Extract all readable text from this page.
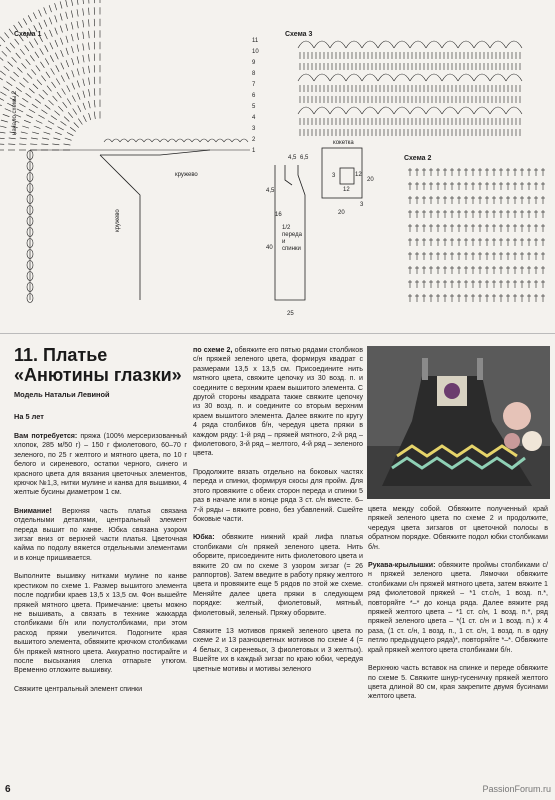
Схема 1
начало схемы 2
11
10
9
8
7
6
5
4
3
2
1
кружево
кружево
Схема 3
Схема 2
кокетка
1/2 переда и спинки
4,5 6,5
4,5
16
40
25
20
12
12
20
3
3
11. Платье «Анютины глазки»
Модель Натальи Левиной
На 5 лет

Вам потребуется: пряжа (100% мерсеризованный хлопок, 285 м/50 г) – 150 г фиолетового, 60–70 г зеленого, по 25 г желтого и мятного цвета, по 10 г белого и сиреневого, остатки черного, синего и красного цвета для вязания цветочных элементов, крючок №1,3, нитки мулине и канва для вышивки, 4 желтые бусины диаметром 1 см.

Внимание! Верхняя часть платья связана отдельными деталями, центральный элемент переда вышит по канве. Юбка связана узором зигзаг вниз от верхней части платья. Цветочная кайма по подолу вяжется отдельными элементами и в конце пришивается.

Выполните вышивку нитками мулине по канве крестиком по схеме 1. Размер вышитого элемента после подгибки краев 13,5 х 13,5 см. Фон вышейте пряжей мятного цвета. Примечание: цветы можно не вышивать, а связать в технике жаккарда столбиками б/н или полустолбиками, при этом расход пряжи увеличится. Подогните края вышитого элемента, обвяжите крючком столбиками б/н пряжей мятного цвета. Аккуратно постирайте и после высыхания слегка отпарьте утюгом. Временно отложите вышивку.

Свяжите центральный элемент спинки

по схеме 2, обвяжите его пятью рядами столбиков с/н пряжей зеленого цвета, формируя квадрат с размерами 13,5 х 13,5 см. Присоедините нить мятного цвета, свяжите цепочку из 30 возд. п. и соедините с верхним краем вышитого элемента. С другой стороны квадрата также свяжите цепочку из 30 возд. п. и соедините со вторым верхним краем вышитого элемента. Далее вяжите по кругу 4 ряда столбиков б/н, чередуя цвета пряжи в каждом ряду: 1-й ряд – пряжей мятного, 2-й ряд – фиолетового, 3-й ряд – желтого, 4-й ряд – зеленого цвета.

Продолжите вязать отдельно на боковых частях переда и спинки, формируя скосы для пройм. Для этого провяжите с обеих сторон переда и спинки 5 раз в начале или в конце ряда 3 ст. с/н вместе. 6–7-й ряды – вяжите ровно, без убавлений. Сшейте боковые части.

Юбка: обвяжите нижний край лифа платья столбиками с/н пряжей зеленого цвета. Нить оборвите, присоедините нить фиолетового цвета и вяжите 20 см по схеме 3 узором зигзаг (= 26 раппортов). Затем введите в работу пряжу желтого цвета и провяжите еще 5 рядов по этой же схеме. Меняйте далее цвета пряжи в следующем порядке: желтый, фиолетовый, мятный, фиолетовый, зеленый. Пряжу оборвите.

Свяжите 13 мотивов пряжей зеленого цвета по схеме 2 и 13 разноцветных мотивов по схеме 4 (= 4 белых, 3 сиреневых, 3 фиолетовых и 3 желтых). Вшейте их в каждый зигзаг по краю юбки, чередуя цветные мотивы и мотивы зеленого

цвета между собой. Обвяжите полученный край пряжей зеленого цвета по схеме 2 и продолжите, чередуя цвета зигзагов от цветочной полосы в обратном порядке. Обвяжите подол юбки столбиками б/н.

Рукава-крылышки: обвяжите проймы столбиками с/н пряжей зеленого цвета. Лямочки обвяжите столбиками с/н пряжей мятного цвета, затем вяжите 1 ряд фиолетовой пряжей – *1 ст.с/н, 1 возд. п.*, повторяйте *–* до конца ряда. Далее вяжите ряд пряжей желтого цвета – *1 ст. с/н, 1 возд. п.*, ряд пряжей зеленого цвета – *(1 ст. с/н и 1 возд. п.) х 4 раза, (1 ст. с/н, 1 возд. п., 1 ст. с/н, 1 возд. п. в одну петлю предыдущего ряда)*, повторяйте *–*. Обвяжите край пряжей желтого цвета столбиками б/н.

Верхнюю часть вставок на спинке и переде обвяжите по схеме 5. Свяжите шнур-гусеничку пряжей желтого цвета длиной 80 см, края закрепите двумя бусинами желтого цвета.

6	PassionForum.ru
